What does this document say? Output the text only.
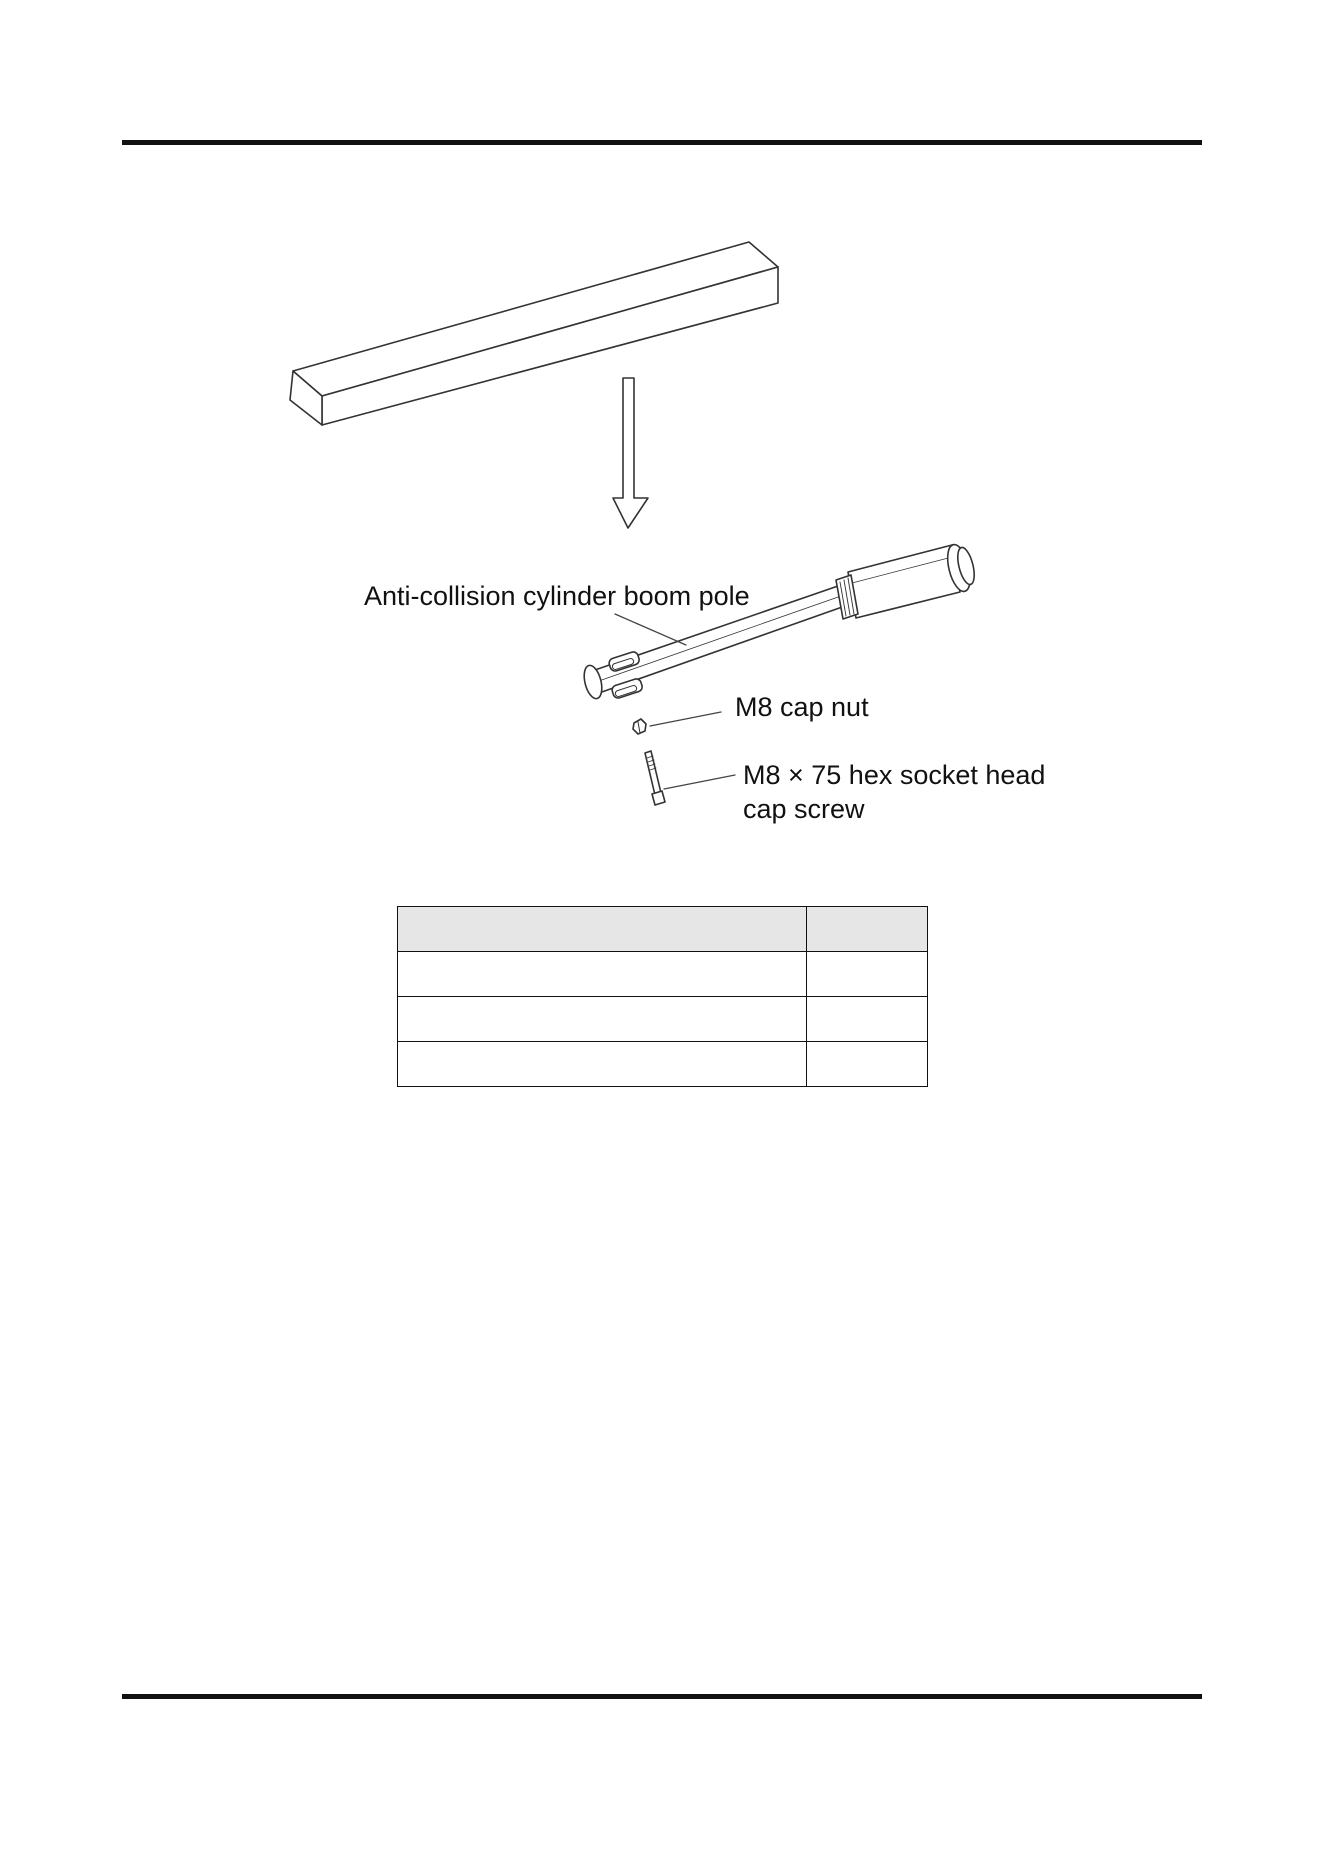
Anti-collision cylinder boom pole
M8 cap nut
M8 × 75 hex socket head
cap screw
